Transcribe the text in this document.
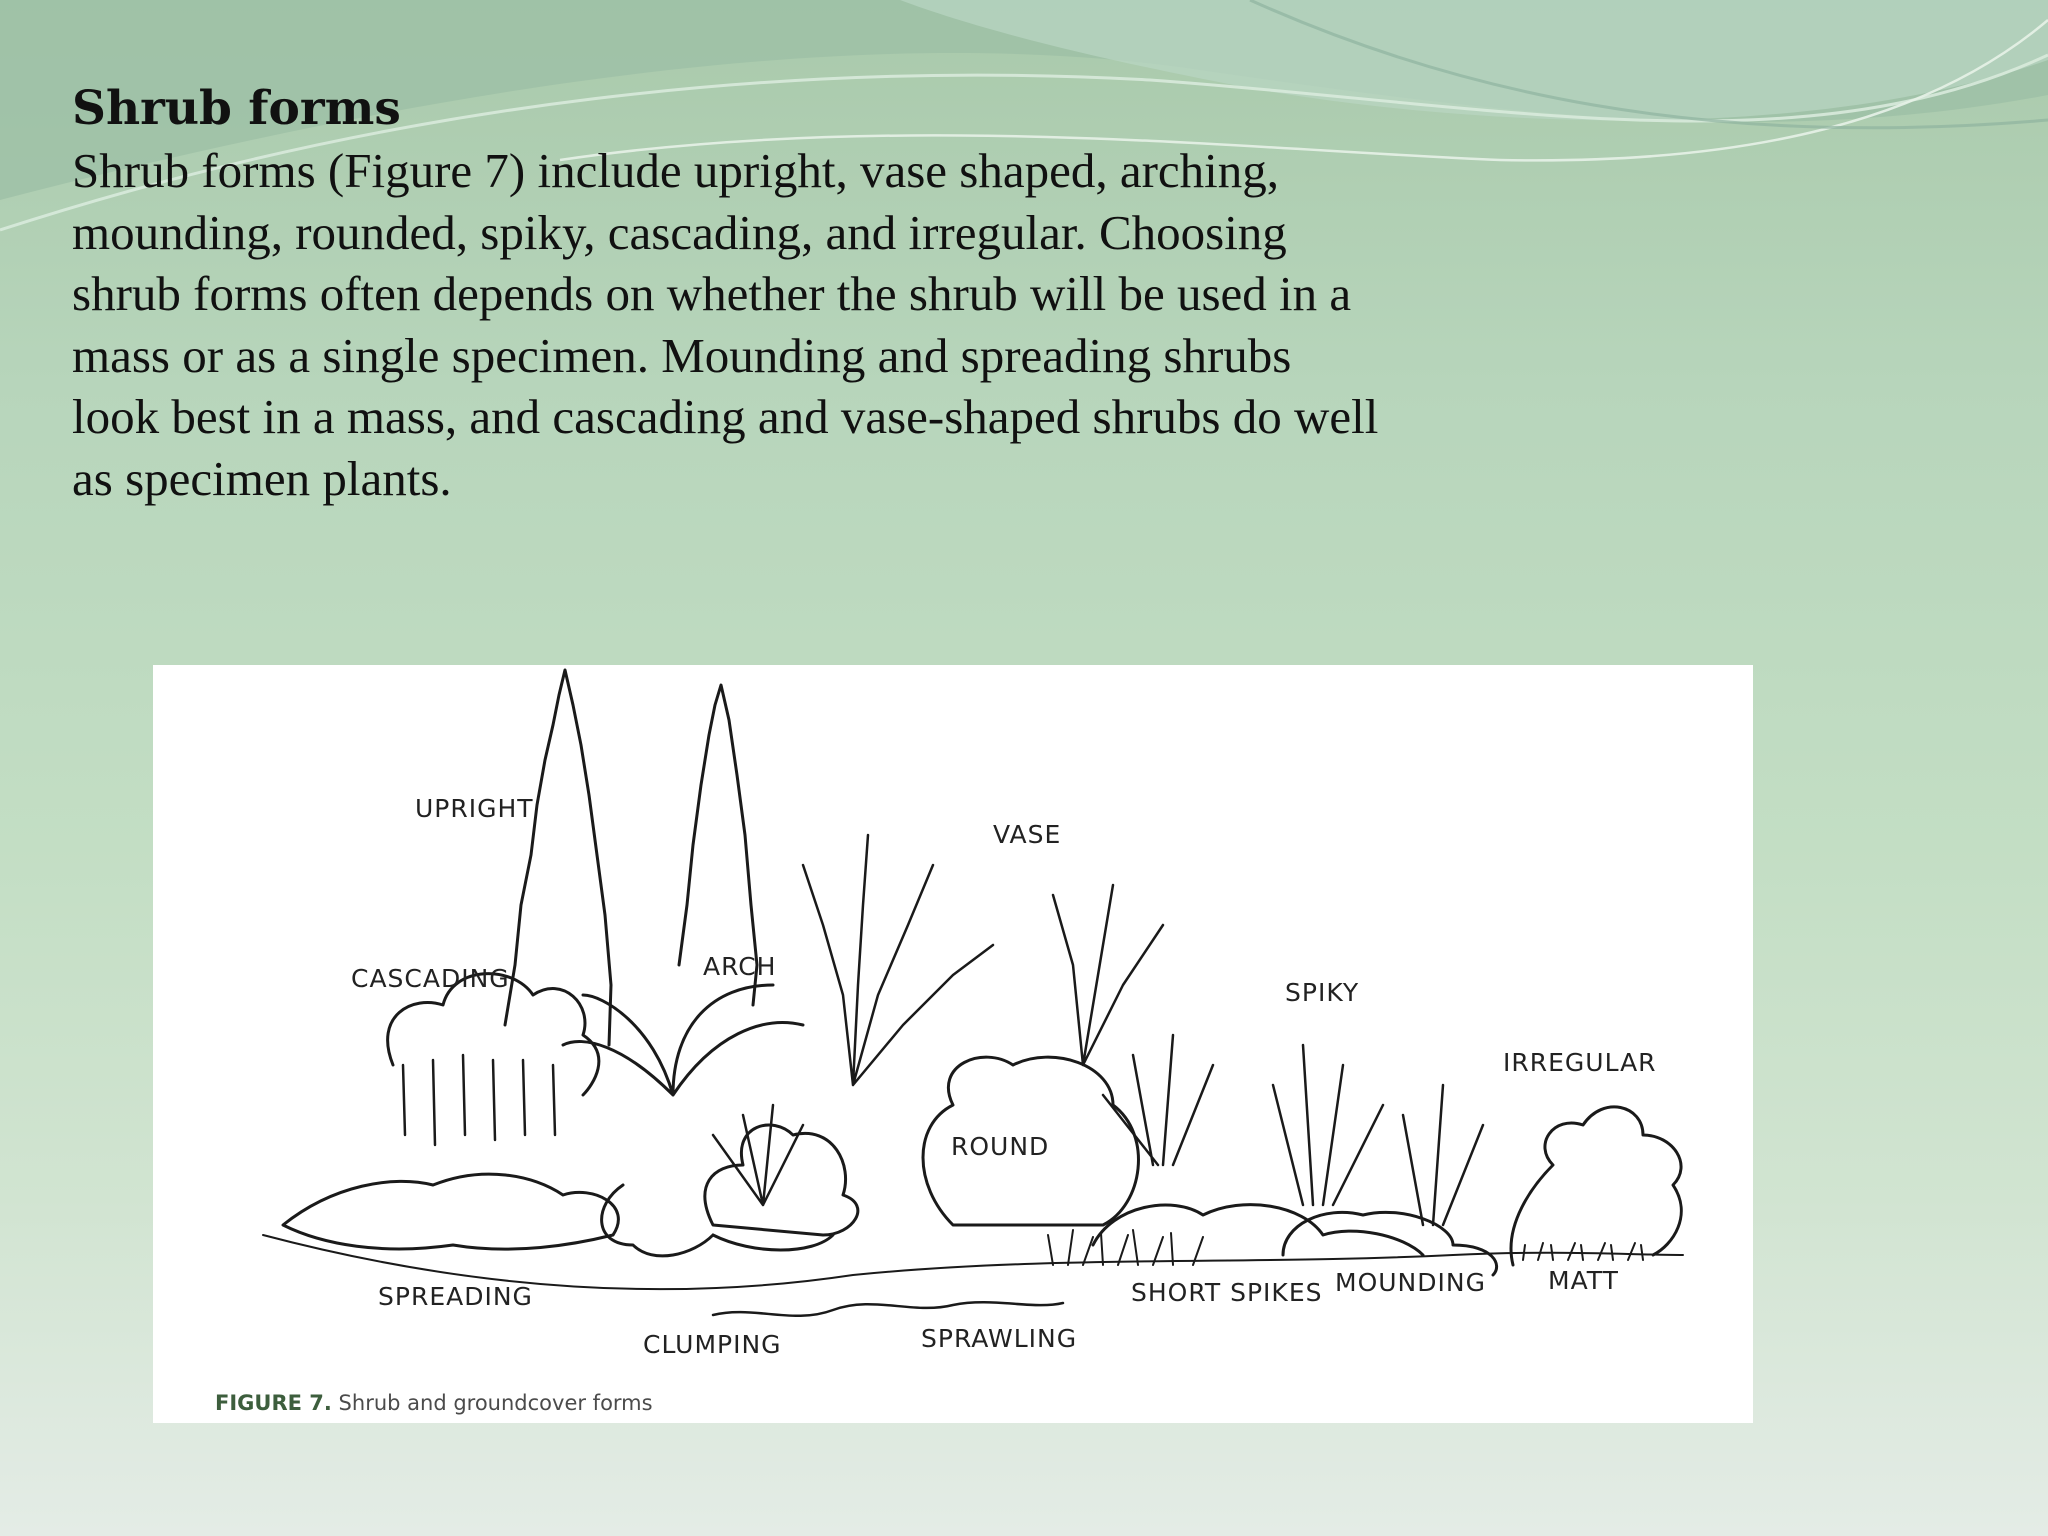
Shrub forms

Shrub forms (Figure 7) include upright, vase shaped, arching, mounding, rounded, spiky, cascading, and irregular. Choosing shrub forms often depends on whether the shrub will be used in a mass or as a single specimen. Mounding and spreading shrubs look best in a mass, and cascading and vase-shaped shrubs do well as specimen plants.

UPRIGHT
VASE
CASCADING	ARCH
SPIKY
IRREGULAR
ROUND
SPREADING
CLUMPING	SPRAWLING
SHORT SPIKES MOUNDING MATT
FIGURE 7. Shrub and groundcover forms
